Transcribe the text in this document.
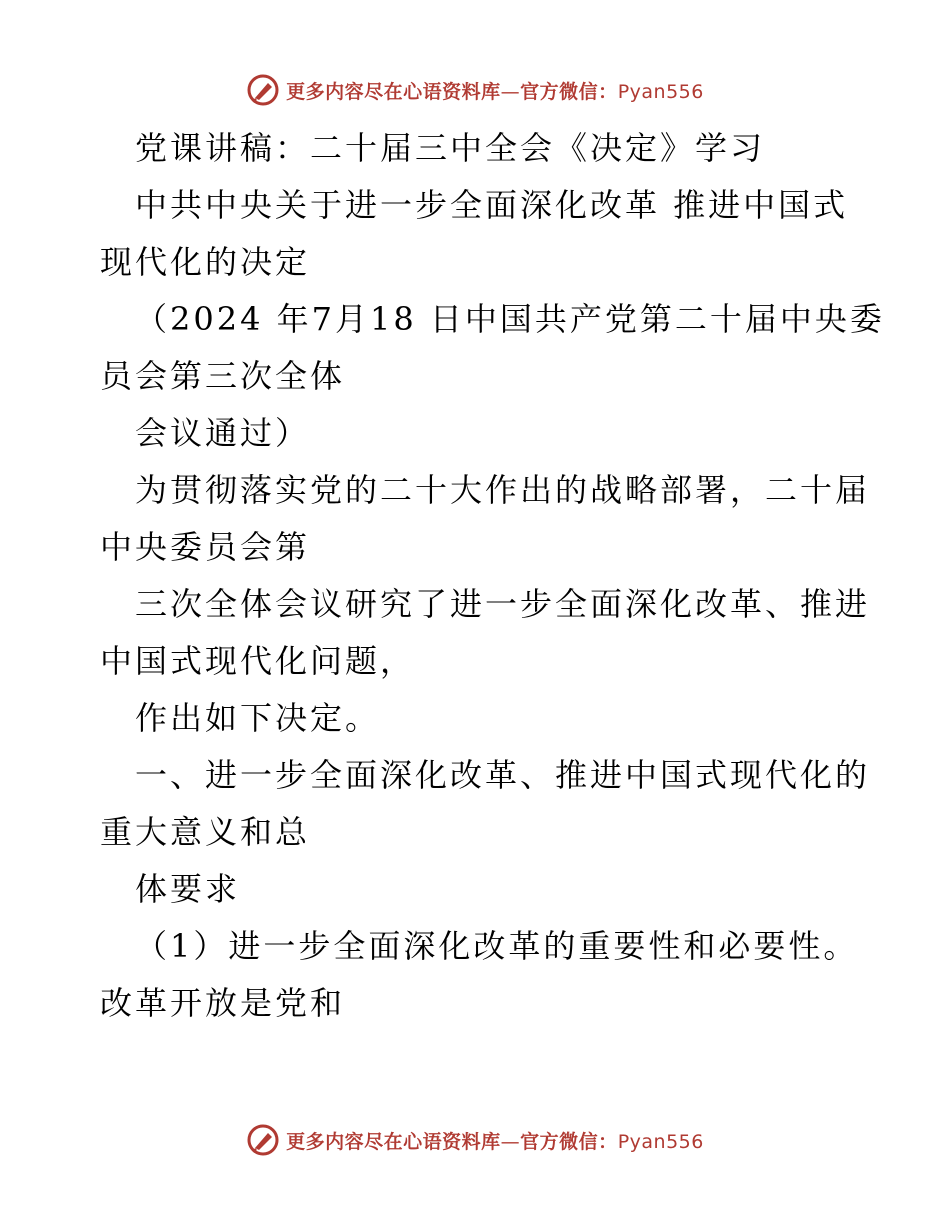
更多内容尽在心语资料库—官方微信：Pyan556
党课讲稿：二十届三中全会《决定》学习
中共中央关于进一步全面深化改革 推进中国式
现代化的决定
（2024 年7月18 日中国共产党第二十届中央委
员会第三次全体
会议通过）
为贯彻落实党的二十大作出的战略部署，二十届
中央委员会第
三次全体会议研究了进一步全面深化改革、推进
中国式现代化问题，
作出如下决定。
一、进一步全面深化改革、推进中国式现代化的
重大意义和总
体要求
（1）进一步全面深化改革的重要性和必要性。
改革开放是党和
更多内容尽在心语资料库—官方微信：Pyan556
